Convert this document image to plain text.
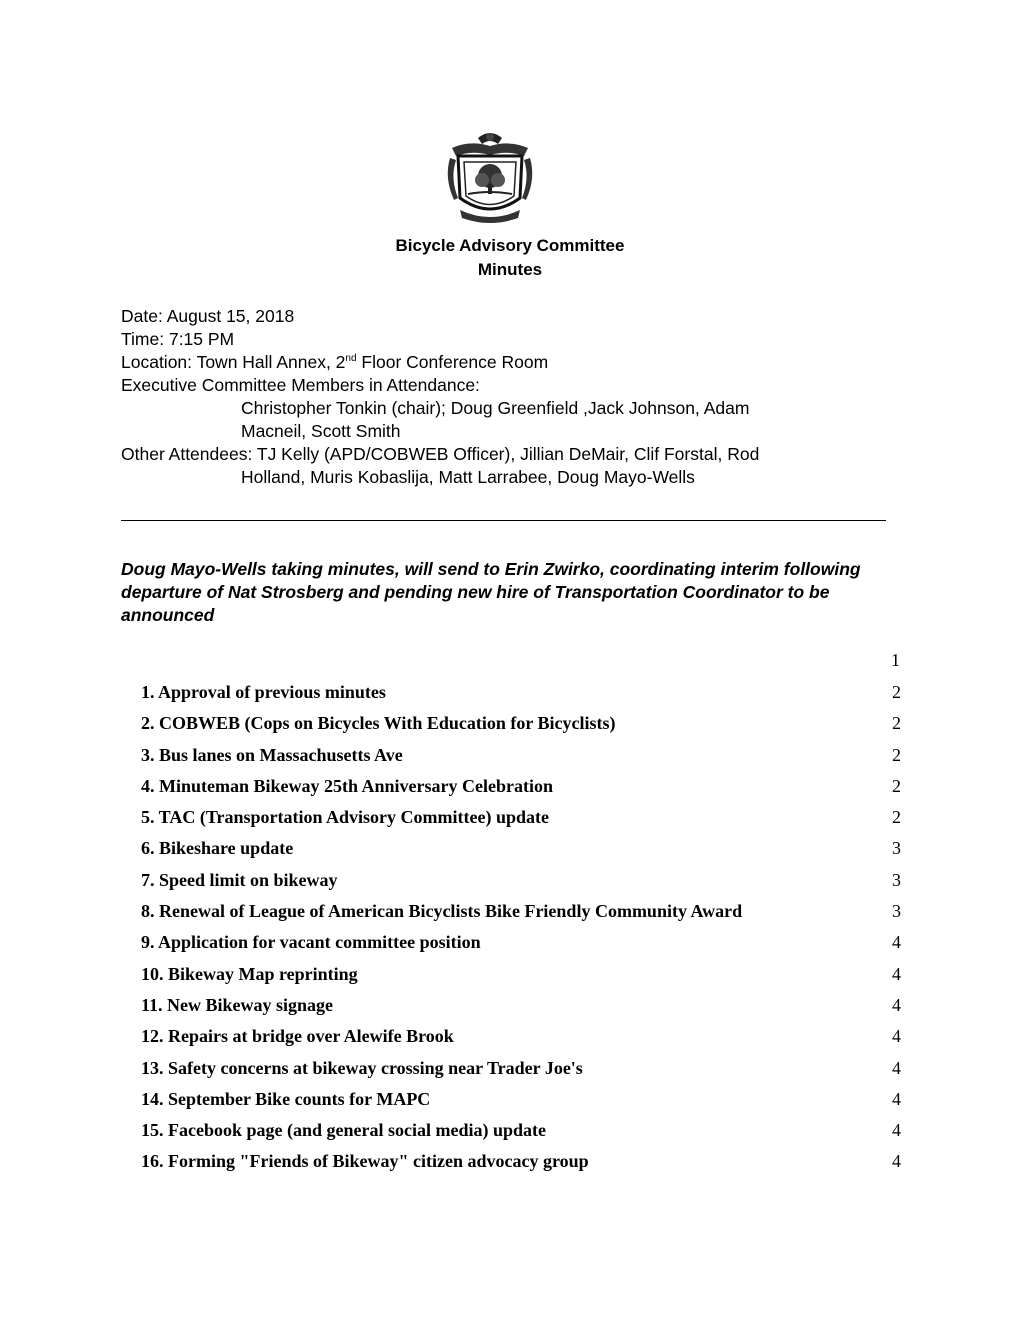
Bicycle Advisory Committee
Minutes
Date: August 15, 2018
Time: 7:15 PM
Location: Town Hall Annex, 2nd Floor Conference Room
Executive Committee Members in Attendance:
Christopher Tonkin (chair); Doug Greenfield ,Jack Johnson, Adam
Macneil, Scott Smith
Other Attendees: TJ Kelly (APD/COBWEB Officer), Jillian DeMair, Clif Forstal, Rod
Holland, Muris Kobaslija, Matt Larrabee, Doug Mayo-Wells
Doug Mayo-Wells taking minutes, will send to Erin Zwirko, coordinating interim following departure of Nat Strosberg and pending new hire of Transportation Coordinator to be announced
1
1. Approval of previous minutes	2
2. COBWEB (Cops on Bicycles With Education for Bicyclists)	2
3. Bus lanes on Massachusetts Ave	2
4. Minuteman Bikeway 25th Anniversary Celebration	2
5. TAC (Transportation Advisory Committee) update	2
6. Bikeshare update	3
7. Speed limit on bikeway	3
8. Renewal of League of American Bicyclists Bike Friendly Community Award	3
9. Application for vacant committee position	4
10. Bikeway Map reprinting	4
11. New Bikeway signage	4
12. Repairs at bridge over Alewife Brook	4
13. Safety concerns at bikeway crossing near Trader Joe's	4
14. September Bike counts for MAPC	4
15. Facebook page (and general social media) update	4
16. Forming "Friends of Bikeway" citizen advocacy group	4
